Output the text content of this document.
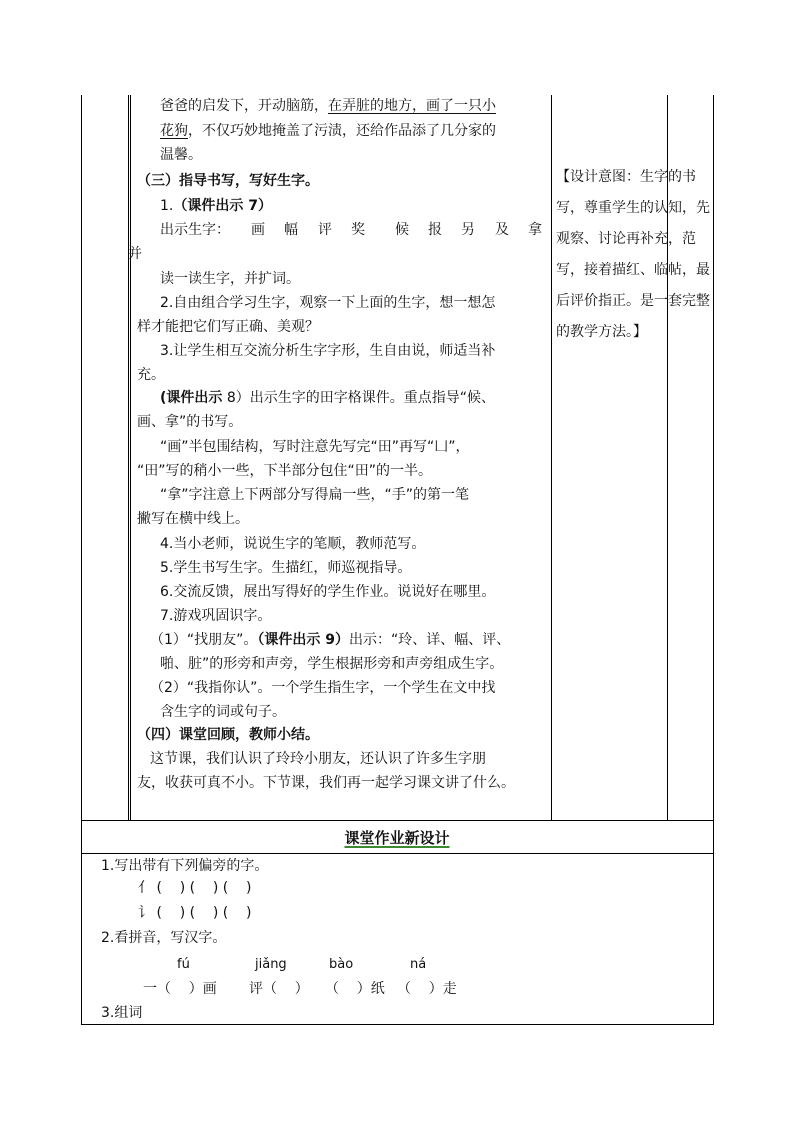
爸爸的启发下，开动脑筋，在弄脏的地方，画了一只小
花狗，不仅巧妙地掩盖了污渍，还给作品添了几分家的
温馨。
（三）指导书写，写好生字。
1.（课件出示 7）
出示生字： 画 幅 评 奖 候 报 另 及 拿
并
读一读生字，并扩词。
2.自由组合学习生字，观察一下上面的生字，想一想怎
样才能把它们写正确、美观？
3.让学生相互交流分析生字字形，生自由说，师适当补
充。
(课件出示 8）出示生字的田字格课件。重点指导“候、
画、拿”的书写。
“画”半包围结构，写时注意先写完“田”再写“凵”，
“田”写的稍小一些，下半部分包住“田”的一半。
“拿”字注意上下两部分写得扁一些，“手”的第一笔
撇写在横中线上。
4.当小老师，说说生字的笔顺，教师范写。
5.学生书写生字。生描红，师巡视指导。
6.交流反馈，展出写得好的学生作业。说说好在哪里。
7.游戏巩固识字。
（1）“找朋友”。（课件出示 9）出示：“玲、详、幅、评、
啪、脏”的形旁和声旁，学生根据形旁和声旁组成生字。
（2）“我指你认”。一个学生指生字，一个学生在文中找
含生字的词或句子。
（四）课堂回顾，教师小结。
这节课，我们认识了玲玲小朋友，还认识了许多生字朋
友，收获可真不小。下节课，我们再一起学习课文讲了什么。
【设计意图：生字的书写，尊重学生的认知，先观察、讨论再补充，范写，接着描红、临帖，最后评价指正。是一套完整的教学方法。】
课堂作业新设计
1.写出带有下列偏旁的字。
亻 (    ) (    ) (    )
讠 (    ) (    ) (    )
2.看拼音，写汉字。
fú	jiǎng	bào	ná
一（    ）画 评（    ） （    ）纸 （    ）走
3.组词
